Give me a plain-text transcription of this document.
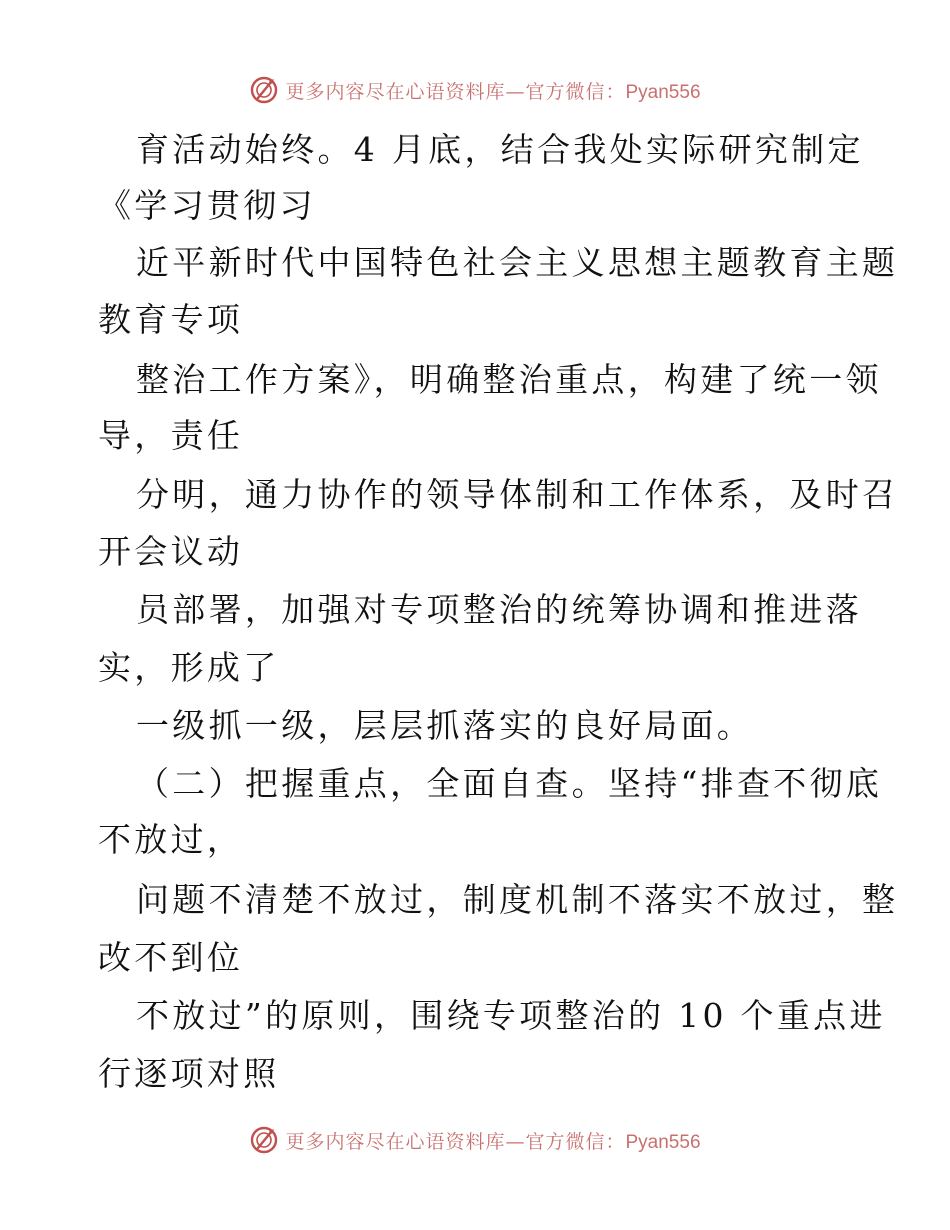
更多内容尽在心语资料库—官方微信：Pyan556
育活动始终。4 月底，结合我处实际研究制定
《学习贯彻习
近平新时代中国特色社会主义思想主题教育主题
教育专项
整治工作方案》，明确整治重点，构建了统一领
导，责任
分明，通力协作的领导体制和工作体系，及时召
开会议动
员部署，加强对专项整治的统筹协调和推进落
实，形成了
一级抓一级，层层抓落实的良好局面。
（二）把握重点，全面自查。坚持“排查不彻底
不放过，
问题不清楚不放过，制度机制不落实不放过，整
改不到位
不放过”的原则，围绕专项整治的 10 个重点进
行逐项对照
更多内容尽在心语资料库—官方微信：Pyan556
